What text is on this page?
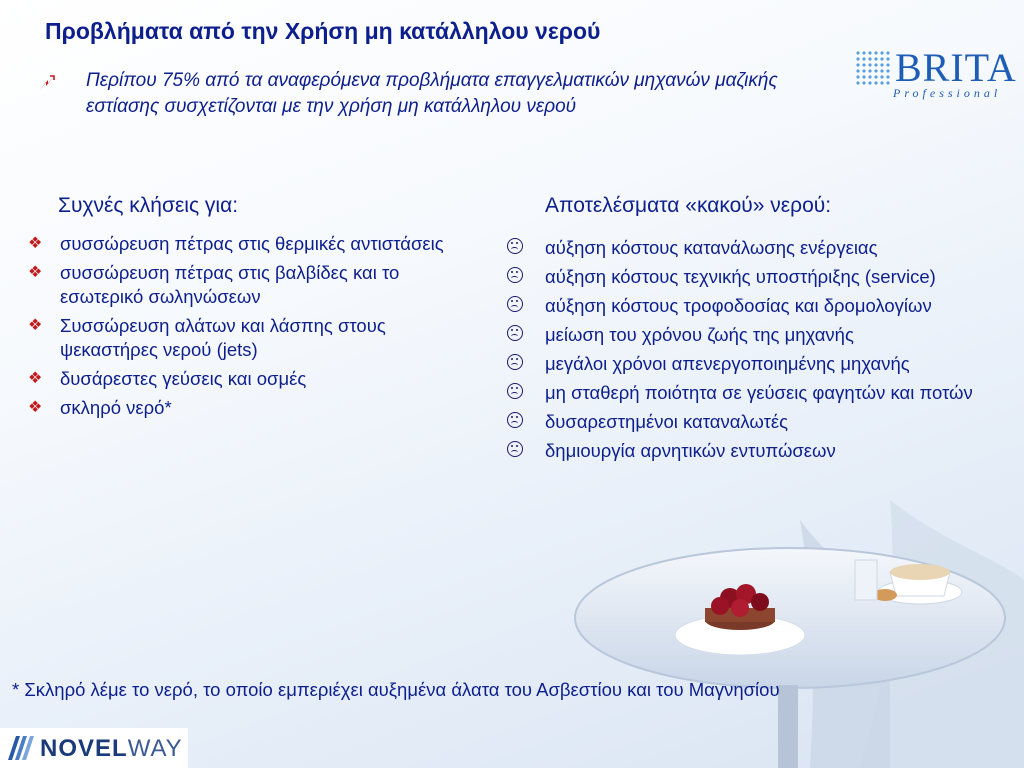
Προβλήματα από την Χρήση μη κατάλληλου νερού
Περίπου 75% από τα αναφερόμενα προβλήματα επαγγελματικών μηχανών μαζικής εστίασης συσχετίζονται με την χρήση μη κατάλληλου νερού
BRITA
Professional
Συχνές κλήσεις για:
❖ συσσώρευση πέτρας στις θερμικές αντιστάσεις
❖ συσσώρευση πέτρας στις βαλβίδες και το εσωτερικό σωληνώσεων
❖ Συσσώρευση αλάτων και λάσπης στους ψεκαστήρες νερού (jets)
❖ δυσάρεστες γεύσεις και οσμές
❖ σκληρό νερό*
Αποτελέσματα «κακού» νερού:
αύξηση κόστους κατανάλωσης ενέργειας
αύξηση κόστους τεχνικής υποστήριξης (service)
αύξηση κόστους τροφοδοσίας και δρομολογίων
μείωση του χρόνου ζωής της μηχανής
μεγάλοι χρόνοι απενεργοποιημένης μηχανής
μη σταθερή ποιότητα σε γεύσεις φαγητών και ποτών
δυσαρεστημένοι καταναλωτές
δημιουργία αρνητικών εντυπώσεων
* Σκληρό λέμε το νερό, το οποίο εμπεριέχει αυξημένα άλατα του Ασβεστίου και του Μαγνησίου
NOVELWAY
